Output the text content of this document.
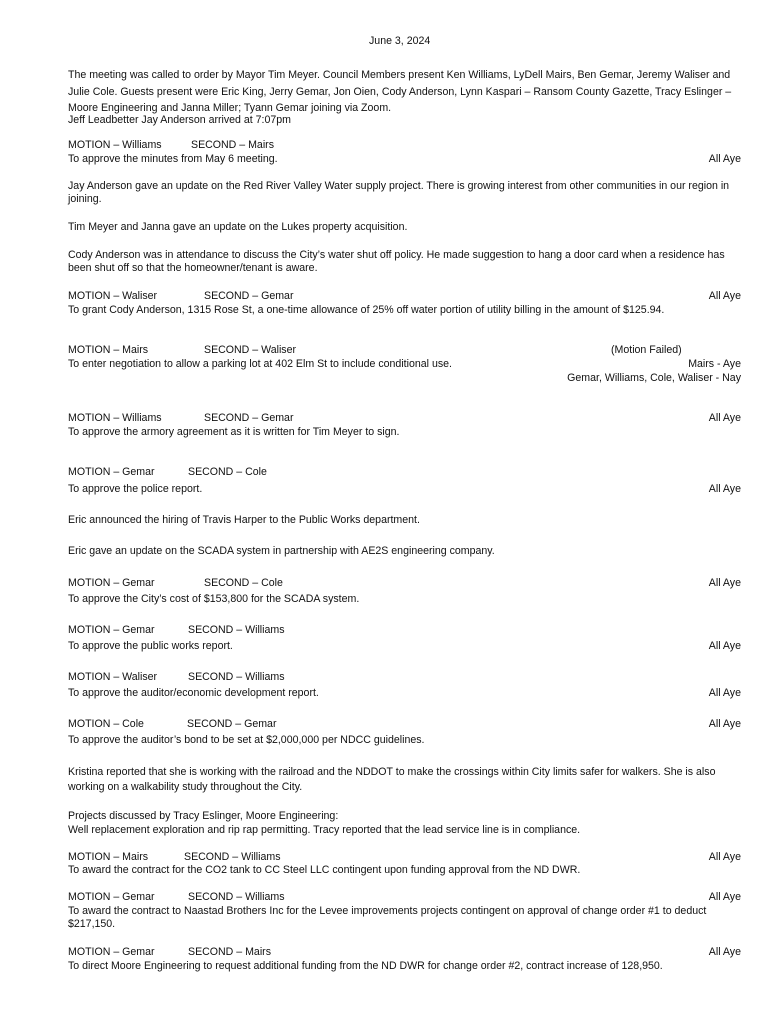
June 3, 2024
The meeting was called to order by Mayor Tim Meyer. Council Members present Ken Williams, LyDell Mairs, Ben Gemar, Jeremy Waliser and Julie Cole. Guests present were Eric King, Jerry Gemar, Jon Oien, Cody Anderson, Lynn Kaspari – Ransom County Gazette, Tracy Eslinger – Moore Engineering and Janna Miller; Tyann Gemar joining via Zoom.
Jeff Leadbetter Jay Anderson arrived at 7:07pm
MOTION – Williams	SECOND – Mairs
To approve the minutes from May 6 meeting.	All Aye
Jay Anderson gave an update on the Red River Valley Water supply project. There is growing interest from other communities in our region in joining.
Tim Meyer and Janna gave an update on the Lukes property acquisition.
Cody Anderson was in attendance to discuss the City’s water shut off policy. He made suggestion to hang a door card when a residence has been shut off so that the homeowner/tenant is aware.
MOTION – Waliser	SECOND – Gemar	All Aye
To grant Cody Anderson, 1315 Rose St, a one-time allowance of 25% off water portion of utility billing in the amount of $125.94.
MOTION – Mairs	SECOND – Waliser	(Motion Failed)
To enter negotiation to allow a parking lot at 402 Elm St to include conditional use.	Mairs - Aye
Gemar, Williams, Cole, Waliser - Nay
MOTION – Williams	SECOND – Gemar	All Aye
To approve the armory agreement as it is written for Tim Meyer to sign.
MOTION – Gemar	SECOND – Cole
To approve the police report.	All Aye
Eric announced the hiring of Travis Harper to the Public Works department.
Eric gave an update on the SCADA system in partnership with AE2S engineering company.
MOTION – Gemar	SECOND – Cole	All Aye
To approve the City’s cost of $153,800 for the SCADA system.
MOTION – Gemar	SECOND – Williams
To approve the public works report.	All Aye
MOTION – Waliser	SECOND – Williams
To approve the auditor/economic development report.	All Aye
MOTION – Cole	SECOND – Gemar	All Aye
To approve the auditor’s bond to be set at $2,000,000 per NDCC guidelines.
Kristina reported that she is working with the railroad and the NDDOT to make the crossings within City limits safer for walkers. She is also working on a walkability study throughout the City.
Projects discussed by Tracy Eslinger, Moore Engineering:
Well replacement exploration and rip rap permitting. Tracy reported that the lead service line is in compliance.
MOTION – Mairs	SECOND – Williams	All Aye
To award the contract for the CO2 tank to CC Steel LLC contingent upon funding approval from the ND DWR.
MOTION – Gemar	SECOND – Williams	All Aye
To award the contract to Naastad Brothers Inc for the Levee improvements projects contingent on approval of change order #1 to deduct $217,150.
MOTION – Gemar	SECOND – Mairs	All Aye
To direct Moore Engineering to request additional funding from the ND DWR for change order #2, contract increase of 128,950.
